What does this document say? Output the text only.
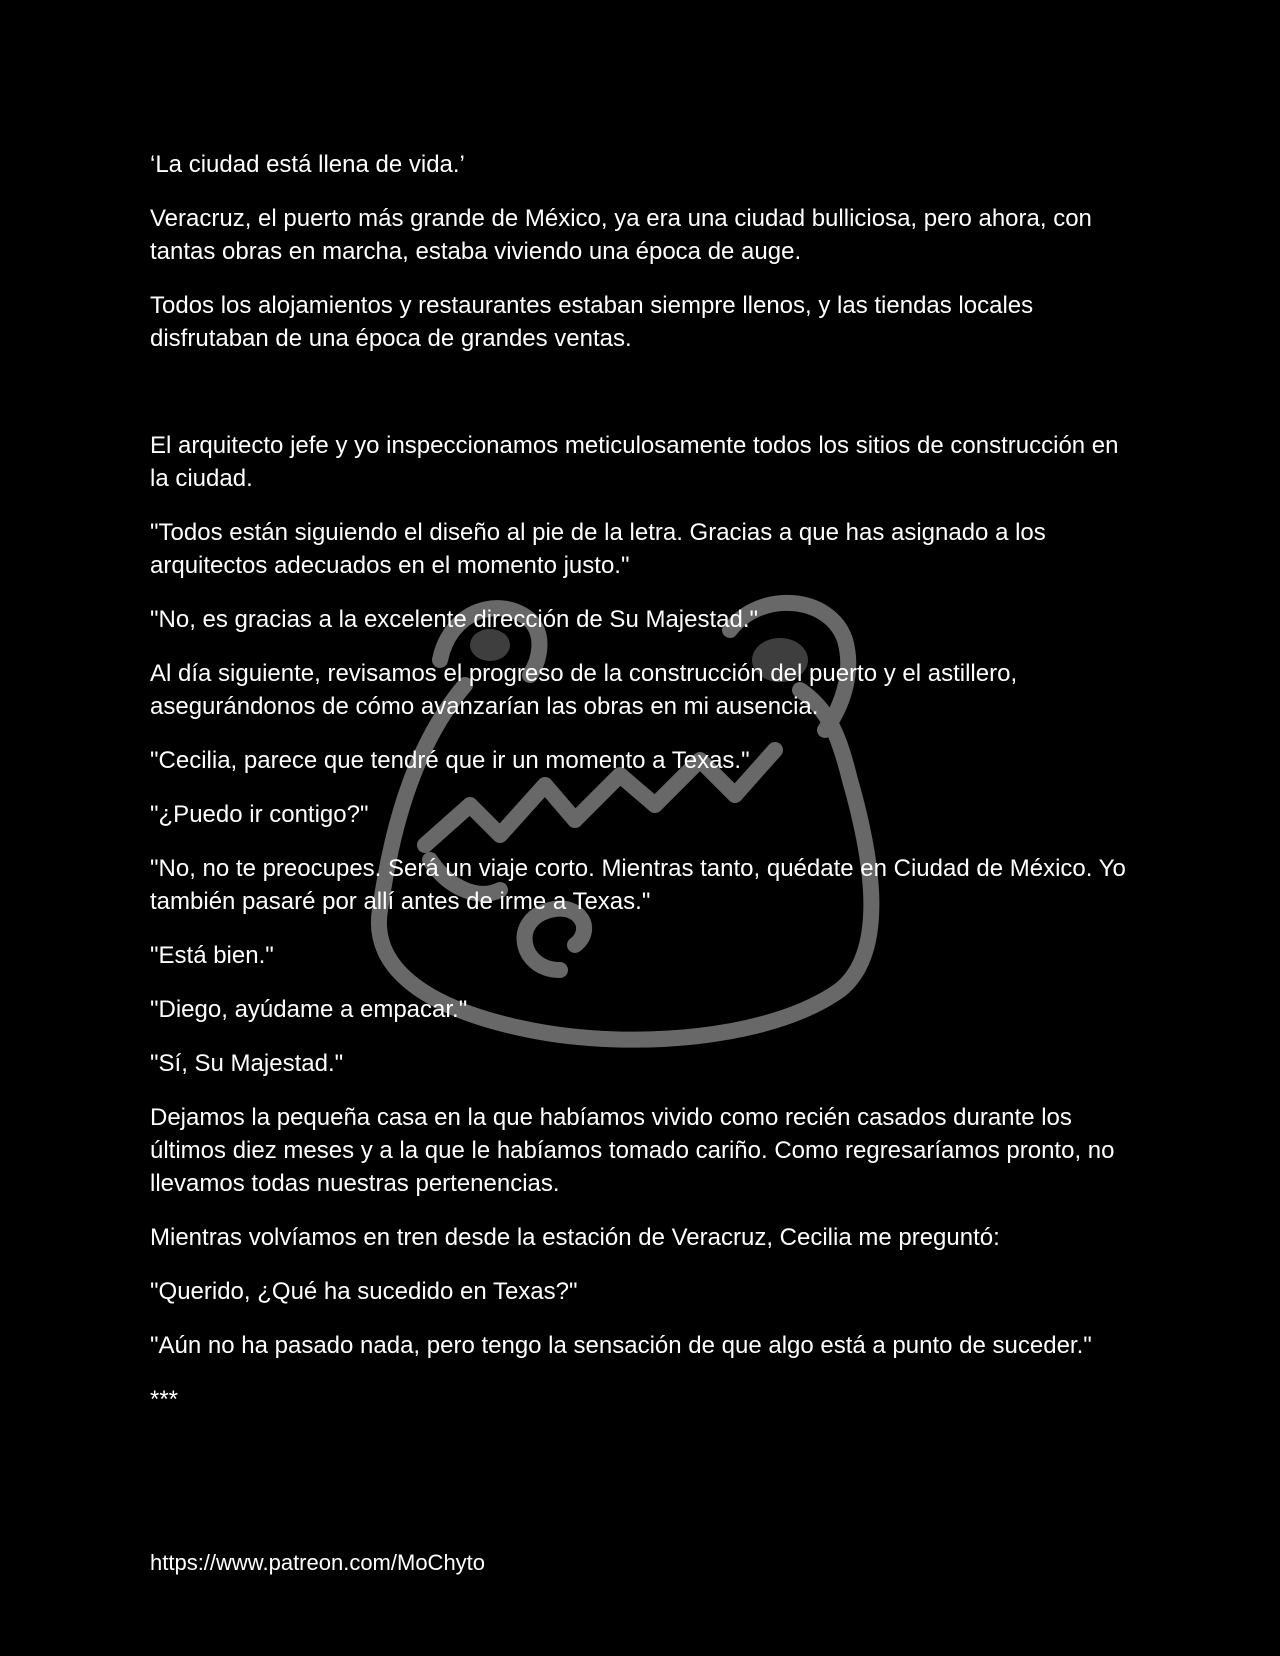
‘La ciudad está llena de vida.’

Veracruz, el puerto más grande de México, ya era una ciudad bulliciosa, pero ahora, con tantas obras en marcha, estaba viviendo una época de auge.

Todos los alojamientos y restaurantes estaban siempre llenos, y las tiendas locales disfrutaban de una época de grandes ventas.

El arquitecto jefe y yo inspeccionamos meticulosamente todos los sitios de construcción en la ciudad.

"Todos están siguiendo el diseño al pie de la letra. Gracias a que has asignado a los arquitectos adecuados en el momento justo."

"No, es gracias a la excelente dirección de Su Majestad."

Al día siguiente, revisamos el progreso de la construcción del puerto y el astillero, asegurándonos de cómo avanzarían las obras en mi ausencia.

"Cecilia, parece que tendré que ir un momento a Texas."

"¿Puedo ir contigo?"

"No, no te preocupes. Será un viaje corto. Mientras tanto, quédate en Ciudad de México. Yo también pasaré por allí antes de irme a Texas."

"Está bien."

"Diego, ayúdame a empacar."

"Sí, Su Majestad."

Dejamos la pequeña casa en la que habíamos vivido como recién casados durante los últimos diez meses y a la que le habíamos tomado cariño. Como regresaríamos pronto, no llevamos todas nuestras pertenencias.

Mientras volvíamos en tren desde la estación de Veracruz, Cecilia me preguntó:

"Querido, ¿Qué ha sucedido en Texas?"

"Aún no ha pasado nada, pero tengo la sensación de que algo está a punto de suceder."

***

https://www.patreon.com/MoChyto
